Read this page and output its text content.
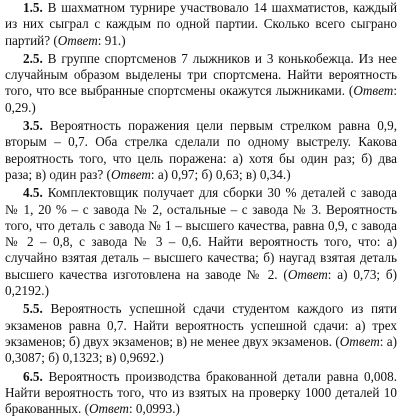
1.5. В шахматном турнире участвовало 14 шахматистов, каждый из них сыграл с каждым по одной партии. Сколько всего сыграно партий? (Ответ: 91.)

2.5. В группе спортсменов 7 лыжников и 3 конькобежца. Из нее случайным образом выделены три спортсмена. Найти вероятность того, что все выбранные спортсмены окажутся лыжниками. (Ответ: 0,29.)

3.5. Вероятность поражения цели первым стрелком равна 0,9, вторым – 0,7. Оба стрелка сделали по одному выстрелу. Какова вероятность того, что цель поражена: а) хотя бы один раз; б) два раза; в) один раз? (Ответ: а) 0,97; б) 0,63; в) 0,34.)

4.5. Комплектовщик получает для сборки 30 % деталей с завода № 1, 20 % – с завода № 2, остальные – с завода № 3. Вероятность того, что деталь с завода № 1 – высшего качества, равна 0,9, с завода № 2 – 0,8, с завода № 3 – 0,6. Найти вероятность того, что: а) случайно взятая деталь – высшего качества; б) наугад взятая деталь высшего качества изготовлена на заводе № 2. (Ответ: а) 0,73; б) 0,2192.)

5.5. Вероятность успешной сдачи студентом каждого из пяти экзаменов равна 0,7. Найти вероятность успешной сдачи: а) трех экзаменов; б) двух экзаменов; в) не менее двух экзаменов. (Ответ: а) 0,3087; б) 0,1323; в) 0,9692.)

6.5. Вероятность производства бракованной детали равна 0,008. Найти вероятность того, что из взятых на проверку 1000 деталей 10 бракованных. (Ответ: 0,0993.)
